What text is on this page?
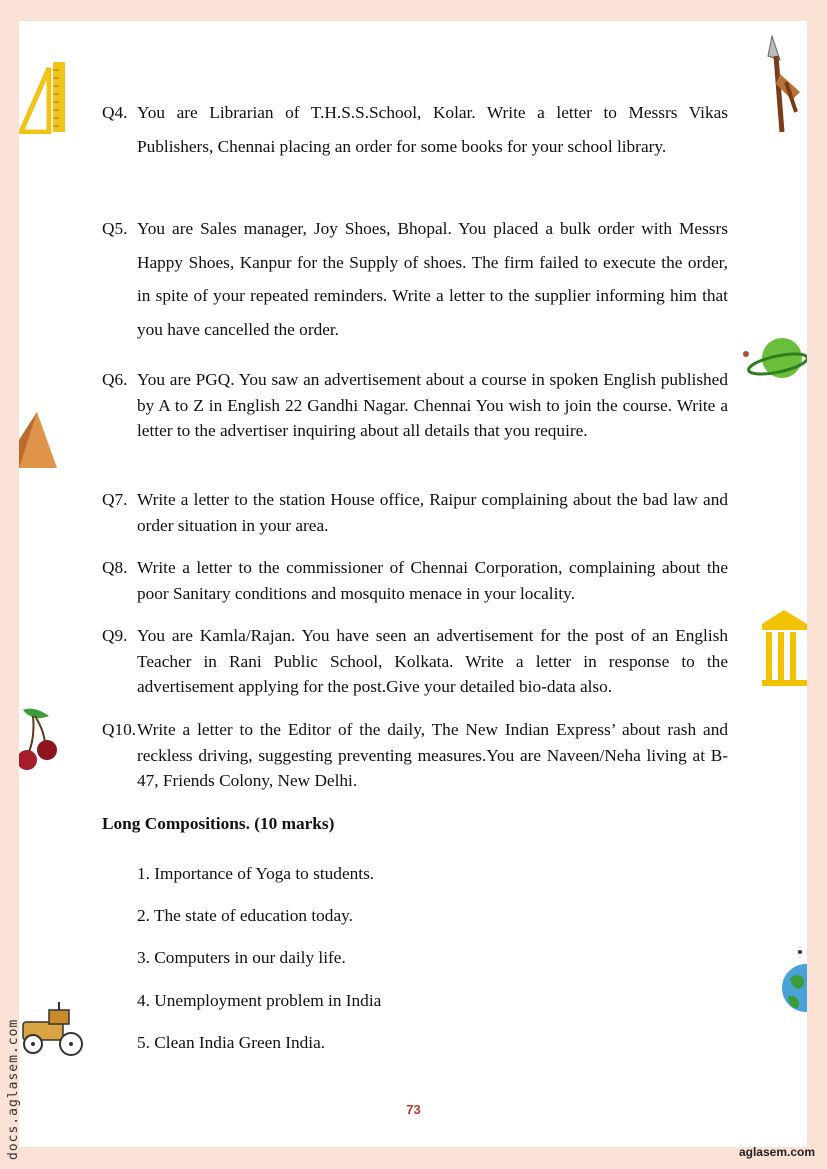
Q4. You are Librarian of T.H.S.S.School, Kolar. Write a letter to Messrs Vikas Publishers, Chennai placing an order for some books for your school library.
Q5. You are Sales manager, Joy Shoes, Bhopal. You placed a bulk order with Messrs Happy Shoes, Kanpur for the Supply of shoes. The firm failed to execute the order, in spite of your repeated reminders. Write a letter to the supplier informing him that you have cancelled the order.
Q6. You are PGQ. You saw an advertisement about a course in spoken English published by A to Z in English 22 Gandhi Nagar. Chennai You wish to join the course. Write a letter to the advertiser inquiring about all details that you require.
Q7. Write a letter to the station House office, Raipur complaining about the bad law and order situation in your area.
Q8. Write a letter to the commissioner of Chennai Corporation, complaining about the poor Sanitary conditions and mosquito menace in your locality.
Q9. You are Kamla/Rajan. You have seen an advertisement for the post of an English Teacher in Rani Public School, Kolkata. Write a letter in response to the advertisement applying for the post.Give your detailed bio-data also.
Q10. Write a letter to the Editor of the daily, The New Indian Express’ about rash and reckless driving, suggesting preventing measures.You are Naveen/Neha living at B-47, Friends Colony, New Delhi.
Long Compositions. (10 marks)
1. Importance of Yoga to students.
2. The state of education today.
3. Computers in our daily life.
4. Unemployment problem in India
5. Clean India Green India.
73
docs.aglasem.com	aglasem.com
